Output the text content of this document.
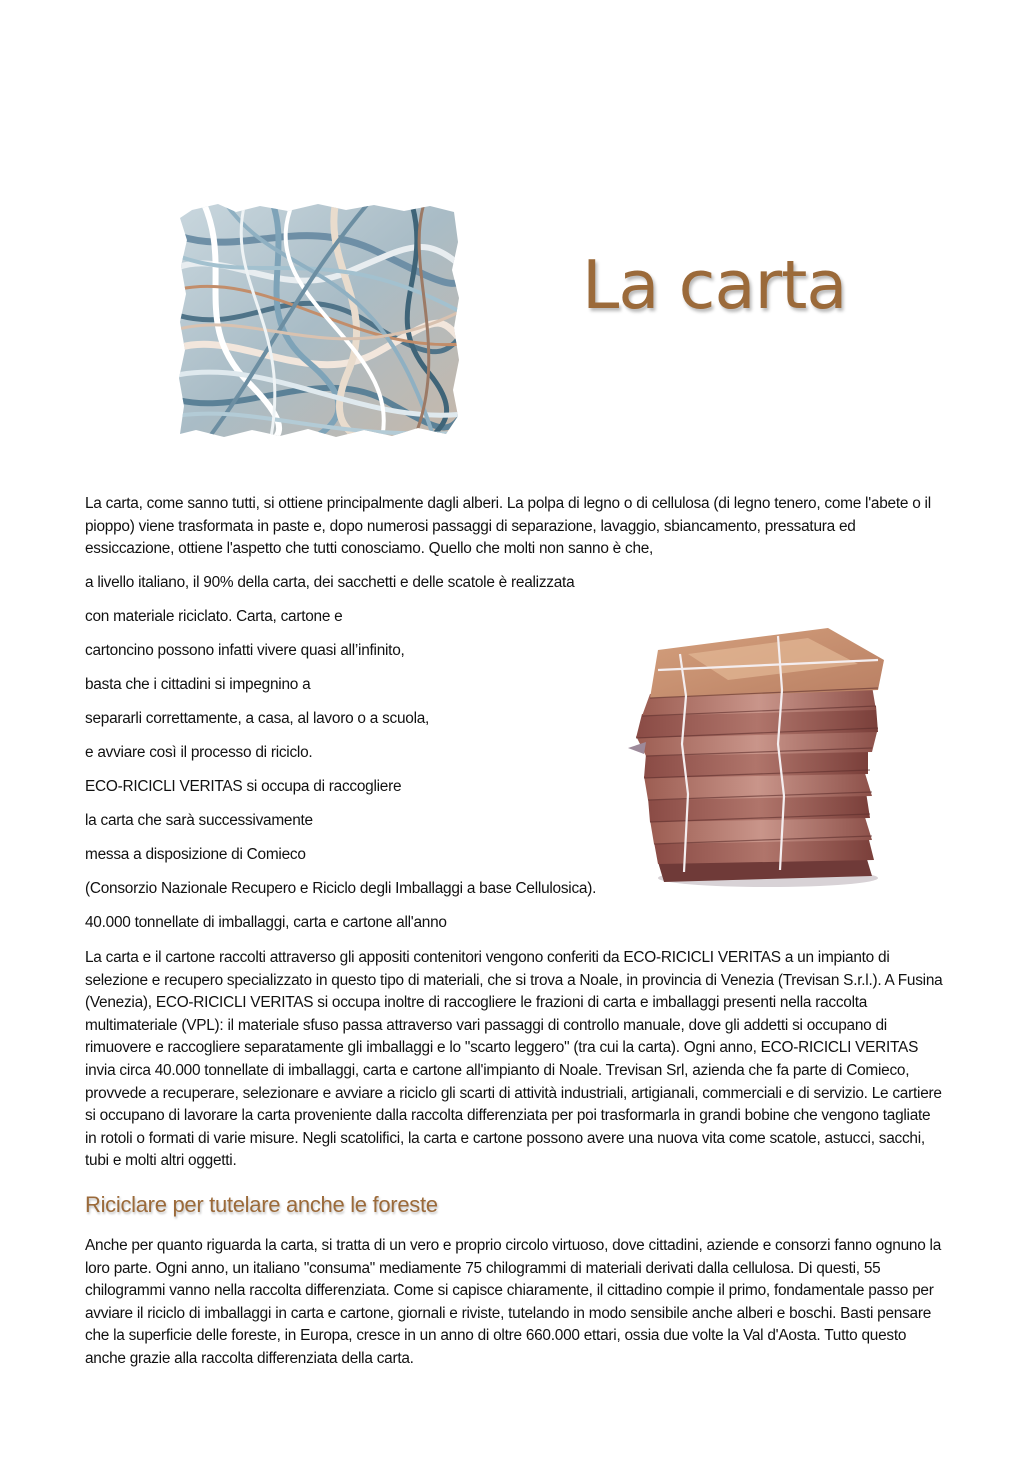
La carta

La carta, come sanno tutti, si ottiene principalmente dagli alberi. La polpa di legno o di cellulosa (di legno tenero, come l'abete o il pioppo) viene trasformata in paste e, dopo numerosi passaggi di separazione, lavaggio, sbiancamento, pressatura ed essiccazione, ottiene l'aspetto che tutti conosciamo. Quello che molti non sanno è che,

a livello italiano, il 90% della carta, dei sacchetti e delle scatole è realizzata

con materiale riciclato. Carta, cartone e

cartoncino possono infatti vivere quasi all’infinito,

basta che i cittadini si impegnino a

separarli correttamente, a casa, al lavoro o a scuola,

e avviare così il processo di riciclo.

ECO-RICICLI VERITAS si occupa di raccogliere

la carta che sarà successivamente

messa a disposizione di Comieco

(Consorzio Nazionale Recupero e Riciclo degli Imballaggi a base Cellulosica).

40.000 tonnellate di imballaggi, carta e cartone all'anno

La carta e il cartone raccolti attraverso gli appositi contenitori vengono conferiti da ECO-RICICLI VERITAS a un impianto di selezione e recupero specializzato in questo tipo di materiali, che si trova a Noale, in provincia di Venezia (Trevisan S.r.l.). A Fusina (Venezia), ECO-RICICLI VERITAS si occupa inoltre di raccogliere le frazioni di carta e imballaggi presenti nella raccolta multimateriale (VPL): il materiale sfuso passa attraverso vari passaggi di controllo manuale, dove gli addetti si occupano di rimuovere e raccogliere separatamente gli imballaggi e lo "scarto leggero" (tra cui la carta). Ogni anno, ECO-RICICLI VERITAS invia circa 40.000 tonnellate di imballaggi, carta e cartone all'impianto di Noale. Trevisan Srl, azienda che fa parte di Comieco, provvede a recuperare, selezionare e avviare a riciclo gli scarti di attività industriali, artigianali, commerciali e di servizio. Le cartiere si occupano di lavorare la carta proveniente dalla raccolta differenziata per poi trasformarla in grandi bobine che vengono tagliate in rotoli o formati di varie misure. Negli scatolifici, la carta e cartone possono avere una nuova vita come scatole, astucci, sacchi, tubi e molti altri oggetti.

Riciclare per tutelare anche le foreste

Anche per quanto riguarda la carta, si tratta di un vero e proprio circolo virtuoso, dove cittadini, aziende e consorzi fanno ognuno la loro parte. Ogni anno, un italiano "consuma" mediamente 75 chilogrammi di materiali derivati dalla cellulosa. Di questi, 55 chilogrammi vanno nella raccolta differenziata. Come si capisce chiaramente, il cittadino compie il primo, fondamentale passo per avviare il riciclo di imballaggi in carta e cartone, giornali e riviste, tutelando in modo sensibile anche alberi e boschi. Basti pensare che la superficie delle foreste, in Europa, cresce in un anno di oltre 660.000 ettari, ossia due volte la Val d'Aosta. Tutto questo anche grazie alla raccolta differenziata della carta.
